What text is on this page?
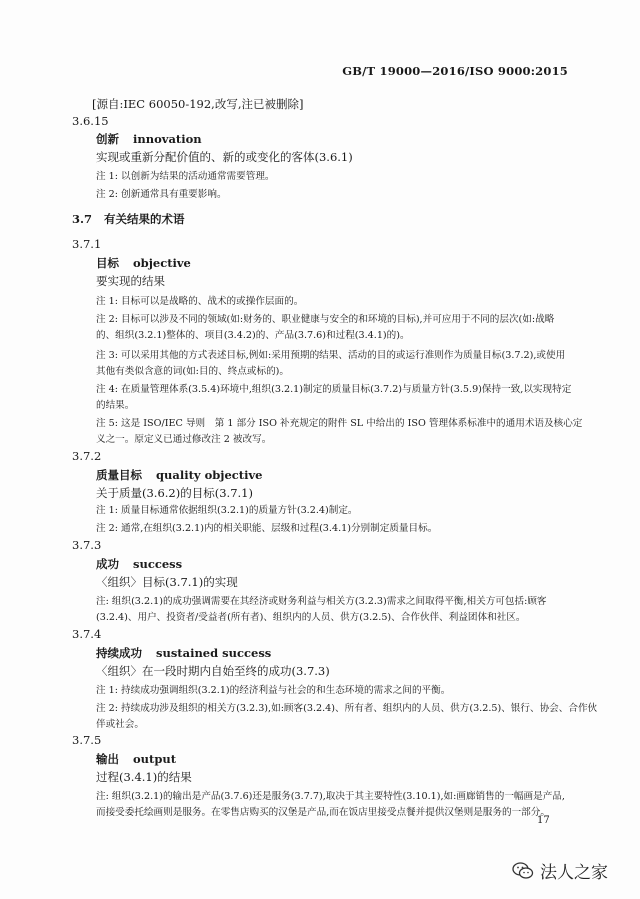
GB/T 19000—2016/ISO 9000:2015
[源自:IEC 60050-192,改写,注已被删除]
3.6.15
创新 innovation
实现或重新分配价值的、新的或变化的客体(3.6.1)
注 1: 以创新为结果的活动通常需要管理。
注 2: 创新通常具有重要影响。
3.7 有关结果的术语
3.7.1
目标 objective
要实现的结果
注 1: 目标可以是战略的、战术的或操作层面的。
注 2: 目标可以涉及不同的领域(如:财务的、职业健康与安全的和环境的目标),并可应用于不同的层次(如:战略
的、组织(3.2.1)整体的、项目(3.4.2)的、产品(3.7.6)和过程(3.4.1)的)。
注 3: 可以采用其他的方式表述目标,例如:采用预期的结果、活动的目的或运行准则作为质量目标(3.7.2),或使用
其他有类似含意的词(如:目的、终点或标的)。
注 4: 在质量管理体系(3.5.4)环境中,组织(3.2.1)制定的质量目标(3.7.2)与质量方针(3.5.9)保持一致,以实现特定
的结果。
注 5: 这是 ISO/IEC 导则　第 1 部分 ISO 补充规定的附件 SL 中给出的 ISO 管理体系标准中的通用术语及核心定
义之一。原定义已通过修改注 2 被改写。
3.7.2
质量目标 quality objective
关于质量(3.6.2)的目标(3.7.1)
注 1: 质量目标通常依据组织(3.2.1)的质量方针(3.2.4)制定。
注 2: 通常,在组织(3.2.1)内的相关职能、层级和过程(3.4.1)分别制定质量目标。
3.7.3
成功 success
〈组织〉目标(3.7.1)的实现
注: 组织(3.2.1)的成功强调需要在其经济或财务利益与相关方(3.2.3)需求之间取得平衡,相关方可包括:顾客
(3.2.4)、用户、投资者/受益者(所有者)、组织内的人员、供方(3.2.5)、合作伙伴、利益团体和社区。
3.7.4
持续成功 sustained success
〈组织〉在一段时期内自始至终的成功(3.7.3)
注 1: 持续成功强调组织(3.2.1)的经济利益与社会的和生态环境的需求之间的平衡。
注 2: 持续成功涉及组织的相关方(3.2.3),如:顾客(3.2.4)、所有者、组织内的人员、供方(3.2.5)、银行、协会、合作伙
伴或社会。
3.7.5
输出 output
过程(3.4.1)的结果
注: 组织(3.2.1)的输出是产品(3.7.6)还是服务(3.7.7),取决于其主要特性(3.10.1),如:画廊销售的一幅画是产品,
而接受委托绘画则是服务。在零售店购买的汉堡是产品,而在饭店里接受点餐并提供汉堡则是服务的一部分。
17
法人之家
